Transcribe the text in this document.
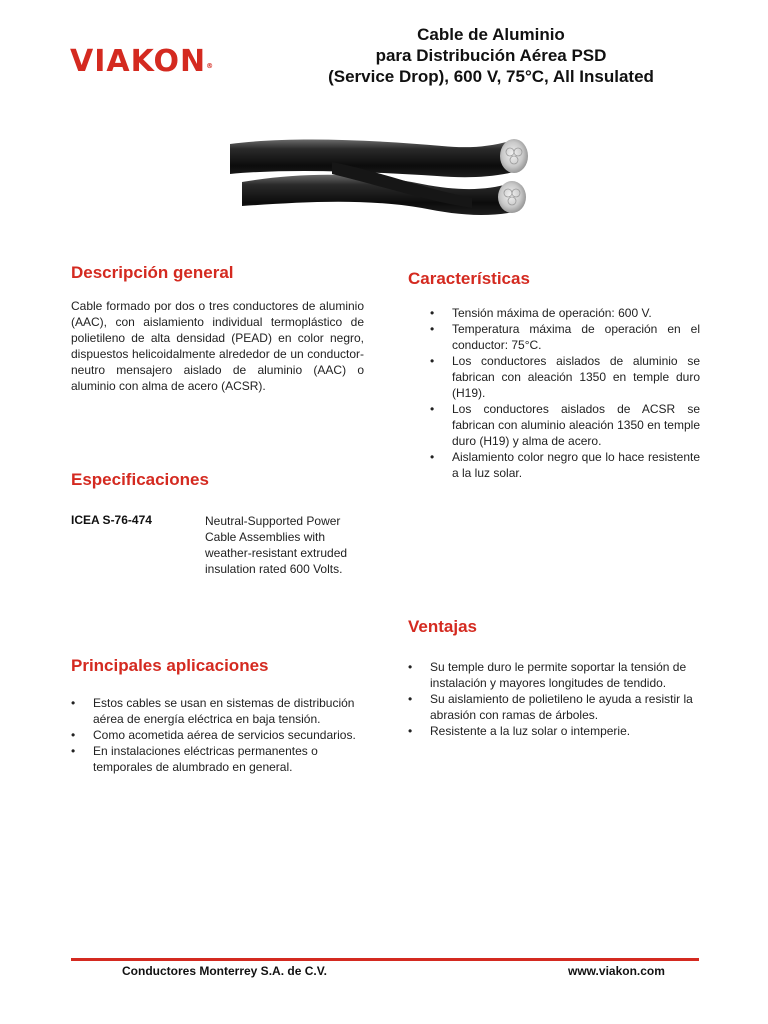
VIAKON®
Cable de Aluminio
para Distribución Aérea PSD
(Service Drop), 600 V, 75°C, All Insulated
Descripción general
Cable formado por dos o tres conductores de aluminio (AAC), con aislamiento individual termoplástico de polietileno de alta densidad (PEAD) en color negro, dispuestos helicoidalmente alrededor de un conductor-neutro mensajero aislado de aluminio (AAC) o aluminio con alma de acero (ACSR).
Características
• Tensión máxima de operación: 600 V.
• Temperatura máxima de operación en el conductor: 75°C.
• Los conductores aislados de aluminio se fabrican con aleación 1350 en temple duro (H19).
• Los conductores aislados de ACSR se fabrican con aluminio aleación 1350 en temple duro (H19) y alma de acero.
• Aislamiento color negro que lo hace resistente a la luz solar.
Especificaciones
ICEA S-76-474	Neutral-Supported Power Cable Assemblies with weather-resistant extruded insulation rated 600 Volts.
Ventajas
• Su temple duro le permite soportar la tensión de instalación y mayores longitudes de tendido.
• Su aislamiento de polietileno le ayuda a resistir la abrasión con ramas de árboles.
• Resistente a la luz solar o intemperie.
Principales aplicaciones
• Estos cables se usan en sistemas de distribución aérea de energía eléctrica en baja tensión.
• Como acometida aérea de servicios secundarios.
• En instalaciones eléctricas permanentes o temporales de alumbrado en general.
Conductores Monterrey S.A. de C.V.	www.viakon.com
